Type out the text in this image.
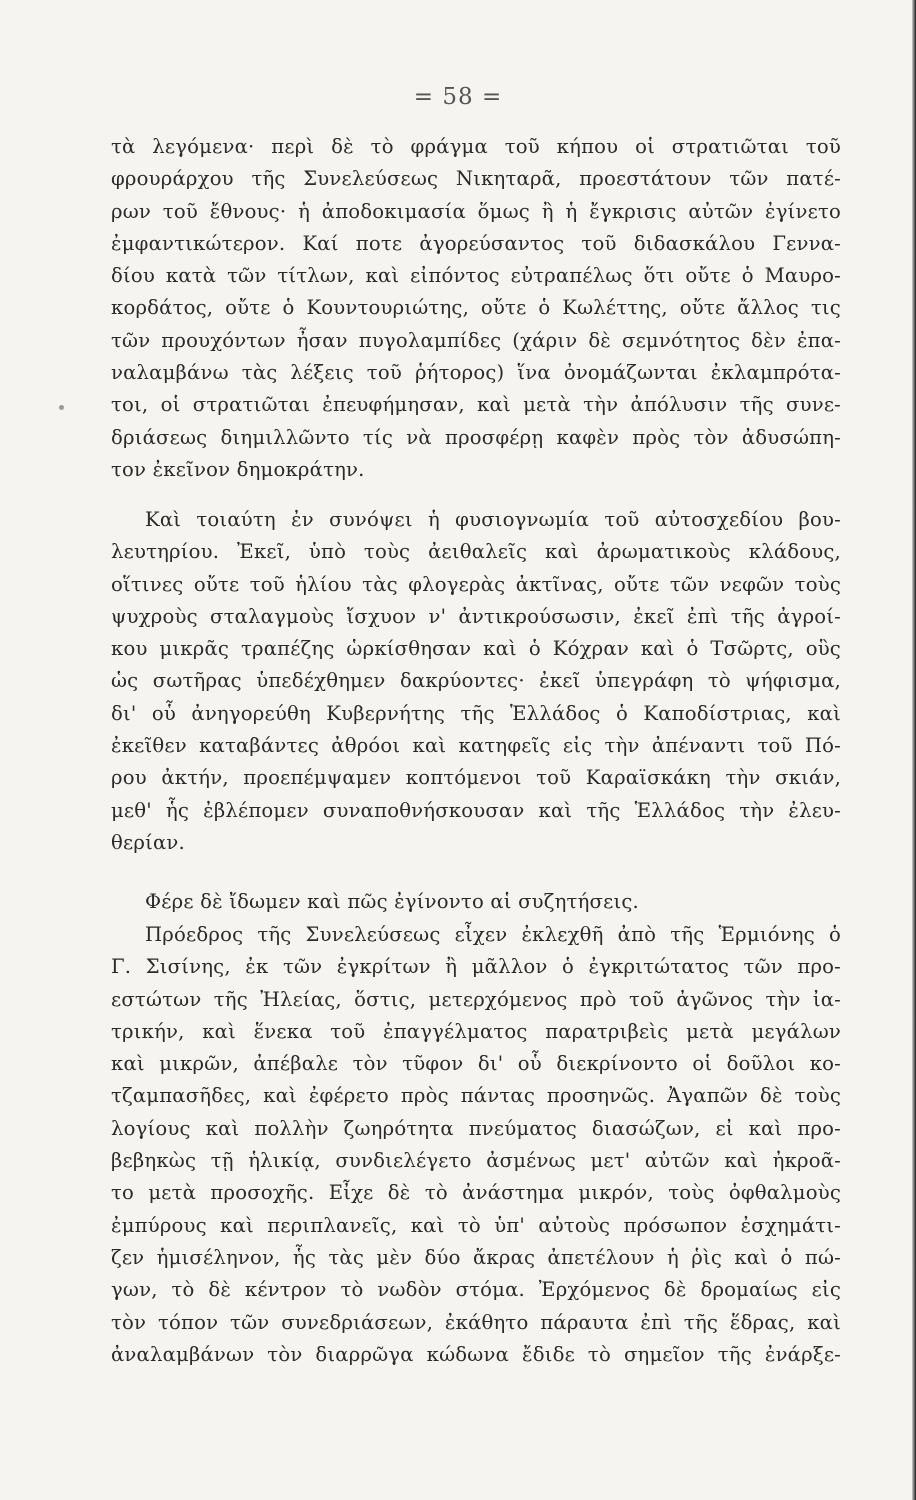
= 58 =
τὰ λεγόμενα· περὶ δὲ τὸ φράγμα τοῦ κήπου οἱ στρατιῶται τοῦ
φρουράρχου τῆς Συνελεύσεως Νικηταρᾶ, προεστάτουν τῶν πατέ-
ρων τοῦ ἔθνους· ἡ ἀποδοκιμασία ὅμως ἢ ἡ ἔγκρισις αὐτῶν ἐγίνετο
ἐμφαντικώτερον. Καί ποτε ἀγορεύσαντος τοῦ διδασκάλου Γεννα-
δίου κατὰ τῶν τίτλων, καὶ εἰπόντος εὐτραπέλως ὅτι οὔτε ὁ Μαυρο-
κορδάτος, οὔτε ὁ Κουντουριώτης, οὔτε ὁ Κωλέττης, οὔτε ἄλλος τις
τῶν προυχόντων ἦσαν πυγολαμπίδες (χάριν δὲ σεμνότητος δὲν ἐπα-
ναλαμβάνω τὰς λέξεις τοῦ ῥήτορος) ἵνα ὀνομάζωνται ἐκλαμπρότα-
τοι, οἱ στρατιῶται ἐπευφήμησαν, καὶ μετὰ τὴν ἀπόλυσιν τῆς συνε-
δριάσεως διημιλλῶντο τίς νὰ προσφέρῃ καφὲν πρὸς τὸν ἀδυσώπη-
τον ἐκεῖνον δημοκράτην.
Καὶ τοιαύτη ἐν συνόψει ἡ φυσιογνωμία τοῦ αὐτοσχεδίου βου-
λευτηρίου. Ἐκεῖ, ὑπὸ τοὺς ἀειθαλεῖς καὶ ἀρωματικοὺς κλάδους,
οἵτινες οὔτε τοῦ ἡλίου τὰς φλογερὰς ἀκτῖνας, οὔτε τῶν νεφῶν τοὺς
ψυχροὺς σταλαγμοὺς ἴσχυον ν' ἀντικρούσωσιν, ἐκεῖ ἐπὶ τῆς ἀγροί-
κου μικρᾶς τραπέζης ὡρκίσθησαν καὶ ὁ Κόχραν καὶ ὁ Τσῶρτς, οὓς
ὡς σωτῆρας ὑπεδέχθημεν δακρύοντες· ἐκεῖ ὑπεγράφη τὸ ψήφισμα,
δι' οὗ ἀνηγορεύθη Κυβερνήτης τῆς Ἑλλάδος ὁ Καποδίστριας, καὶ
ἐκεῖθεν καταβάντες ἀθρόοι καὶ κατηφεῖς εἰς τὴν ἀπέναντι τοῦ Πό-
ρου ἀκτήν, προεπέμψαμεν κοπτόμενοι τοῦ Καραϊσκάκη τὴν σκιάν,
μεθ' ἧς ἐβλέπομεν συναποθνήσκουσαν καὶ τῆς Ἑλλάδος τὴν ἐλευ-
θερίαν.
Φέρε δὲ ἴδωμεν καὶ πῶς ἐγίνοντο αἱ συζητήσεις.
Πρόεδρος τῆς Συνελεύσεως εἶχεν ἐκλεχθῆ ἀπὸ τῆς Ἑρμιόνης ὁ
Γ. Σισίνης, ἐκ τῶν ἐγκρίτων ἢ μᾶλλον ὁ ἐγκριτώτατος τῶν προ-
εστώτων τῆς Ἠλείας, ὅστις, μετερχόμενος πρὸ τοῦ ἀγῶνος τὴν ἰα-
τρικήν, καὶ ἕνεκα τοῦ ἐπαγγέλματος παρατριβεὶς μετὰ μεγάλων
καὶ μικρῶν, ἀπέβαλε τὸν τῦφον δι' οὗ διεκρίνοντο οἱ δοῦλοι κο-
τζαμπασῆδες, καὶ ἐφέρετο πρὸς πάντας προσηνῶς. Ἀγαπῶν δὲ τοὺς
λογίους καὶ πολλὴν ζωηρότητα πνεύματος διασώζων, εἰ καὶ προ-
βεβηκὼς τῇ ἡλικίᾳ, συνδιελέγετο ἀσμένως μετ' αὐτῶν καὶ ἠκροᾶ-
το μετὰ προσοχῆς. Εἶχε δὲ τὸ ἀνάστημα μικρόν, τοὺς ὀφθαλμοὺς
ἐμπύρους καὶ περιπλανεῖς, καὶ τὸ ὑπ' αὐτοὺς πρόσωπον ἐσχημάτι-
ζεν ἡμισέληνον, ἧς τὰς μὲν δύο ἄκρας ἀπετέλουν ἡ ῥὶς καὶ ὁ πώ-
γων, τὸ δὲ κέντρον τὸ νωδὸν στόμα. Ἐρχόμενος δὲ δρομαίως εἰς
τὸν τόπον τῶν συνεδριάσεων, ἐκάθητο πάραυτα ἐπὶ τῆς ἕδρας, καὶ
ἀναλαμβάνων τὸν διαρρῶγα κώδωνα ἔδιδε τὸ σημεῖον τῆς ἐνάρξε-
